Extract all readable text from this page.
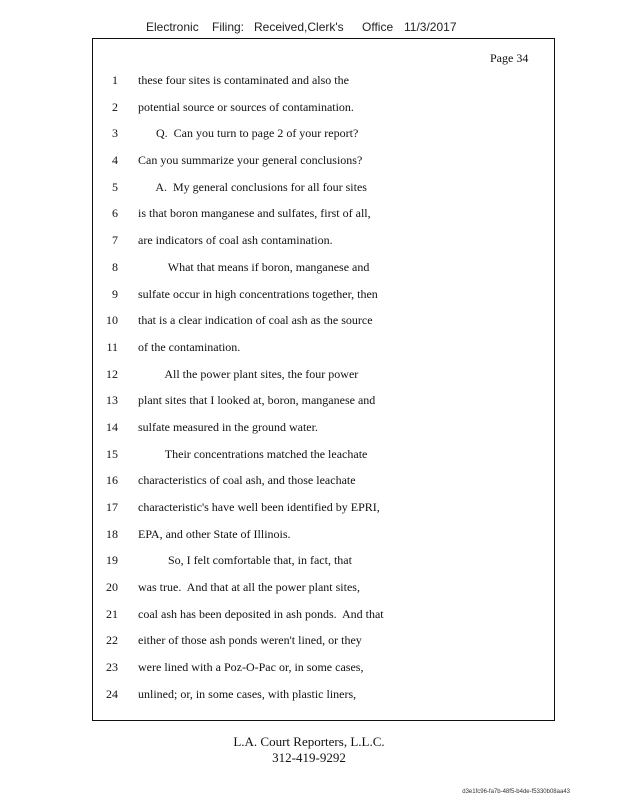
Electronic Filing: Received,Clerk's Office 11/3/2017
Page 34
1 these four sites is contaminated and also the
2 potential source or sources of contamination.
3 Q.  Can you turn to page 2 of your report?
4 Can you summarize your general conclusions?
5 A.  My general conclusions for all four sites
6 is that boron manganese and sulfates, first of all,
7 are indicators of coal ash contamination.
8 What that means if boron, manganese and
9 sulfate occur in high concentrations together, then
10 that is a clear indication of coal ash as the source
11 of the contamination.
12 All the power plant sites, the four power
13 plant sites that I looked at, boron, manganese and
14 sulfate measured in the ground water.
15 Their concentrations matched the leachate
16 characteristics of coal ash, and those leachate
17 characteristic's have well been identified by EPRI,
18 EPA, and other State of Illinois.
19 So, I felt comfortable that, in fact, that
20 was true.  And that at all the power plant sites,
21 coal ash has been deposited in ash ponds.  And that
22 either of those ash ponds weren't lined, or they
23 were lined with a Poz-O-Pac or, in some cases,
24 unlined; or, in some cases, with plastic liners,
L.A. Court Reporters, L.L.C.
312-419-9292
d3e1fc96-fa7b-48f5-b4de-f5330b08aa43
